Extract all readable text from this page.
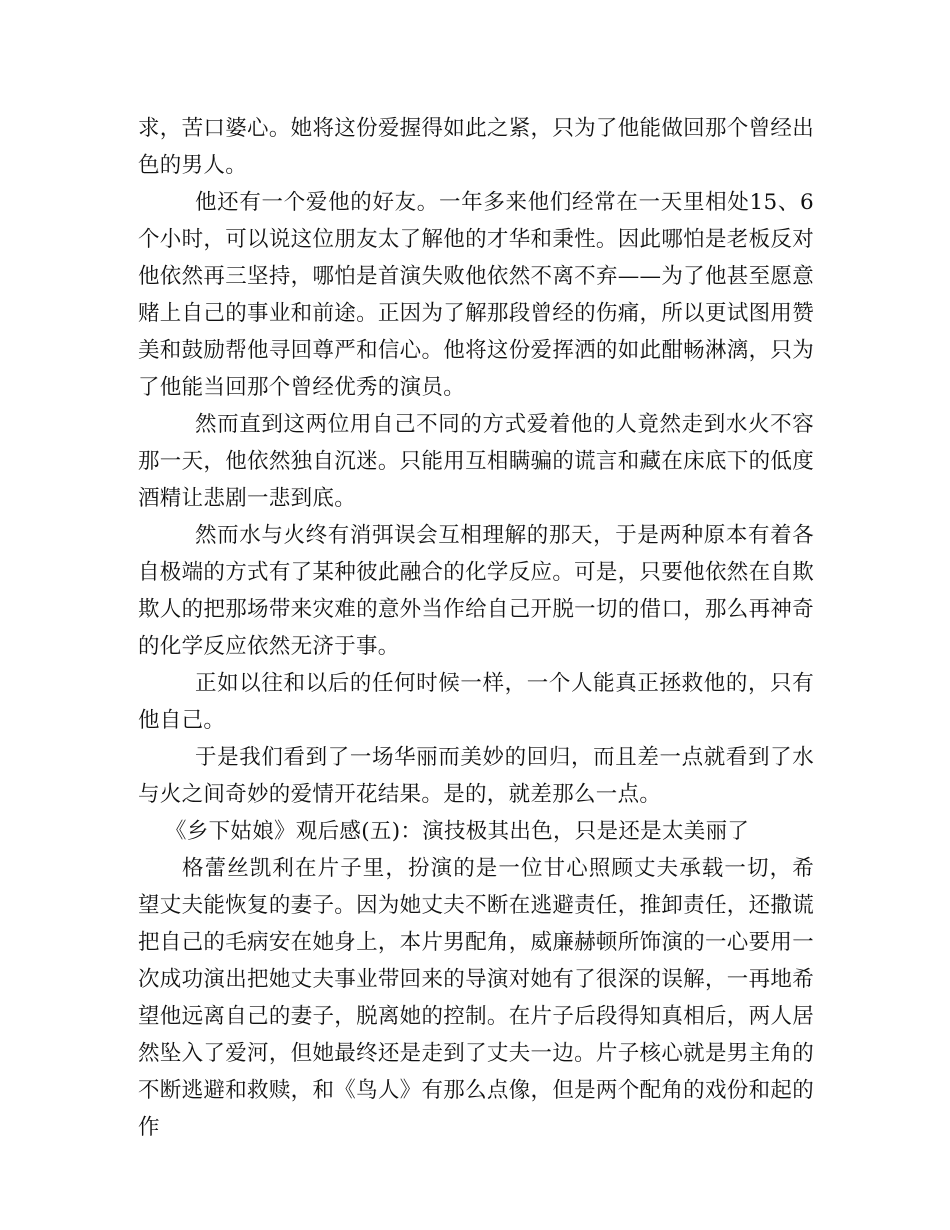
求，苦口婆心。她将这份爱握得如此之紧，只为了他能做回那个曾经出色的男人。

他还有一个爱他的好友。一年多来他们经常在一天里相处15、6个小时，可以说这位朋友太了解他的才华和秉性。因此哪怕是老板反对他依然再三坚持，哪怕是首演失败他依然不离不弃——为了他甚至愿意赌上自己的事业和前途。正因为了解那段曾经的伤痛，所以更试图用赞美和鼓励帮他寻回尊严和信心。他将这份爱挥洒的如此酣畅淋漓，只为了他能当回那个曾经优秀的演员。

然而直到这两位用自己不同的方式爱着他的人竟然走到水火不容那一天，他依然独自沉迷。只能用互相瞒骗的谎言和藏在床底下的低度酒精让悲剧一悲到底。

然而水与火终有消弭误会互相理解的那天，于是两种原本有着各自极端的方式有了某种彼此融合的化学反应。可是，只要他依然在自欺欺人的把那场带来灾难的意外当作给自己开脱一切的借口，那么再神奇的化学反应依然无济于事。

正如以往和以后的任何时候一样，一个人能真正拯救他的，只有他自己。

于是我们看到了一场华丽而美妙的回归，而且差一点就看到了水与火之间奇妙的爱情开花结果。是的，就差那么一点。

《乡下姑娘》观后感(五)：演技极其出色，只是还是太美丽了

格蕾丝凯利在片子里，扮演的是一位甘心照顾丈夫承载一切，希望丈夫能恢复的妻子。因为她丈夫不断在逃避责任，推卸责任，还撒谎把自己的毛病安在她身上，本片男配角，威廉赫顿所饰演的一心要用一次成功演出把她丈夫事业带回来的导演对她有了很深的误解，一再地希望他远离自己的妻子，脱离她的控制。在片子后段得知真相后，两人居然坠入了爱河，但她最终还是走到了丈夫一边。片子核心就是男主角的不断逃避和救赎，和《鸟人》有那么点像，但是两个配角的戏份和起的作
